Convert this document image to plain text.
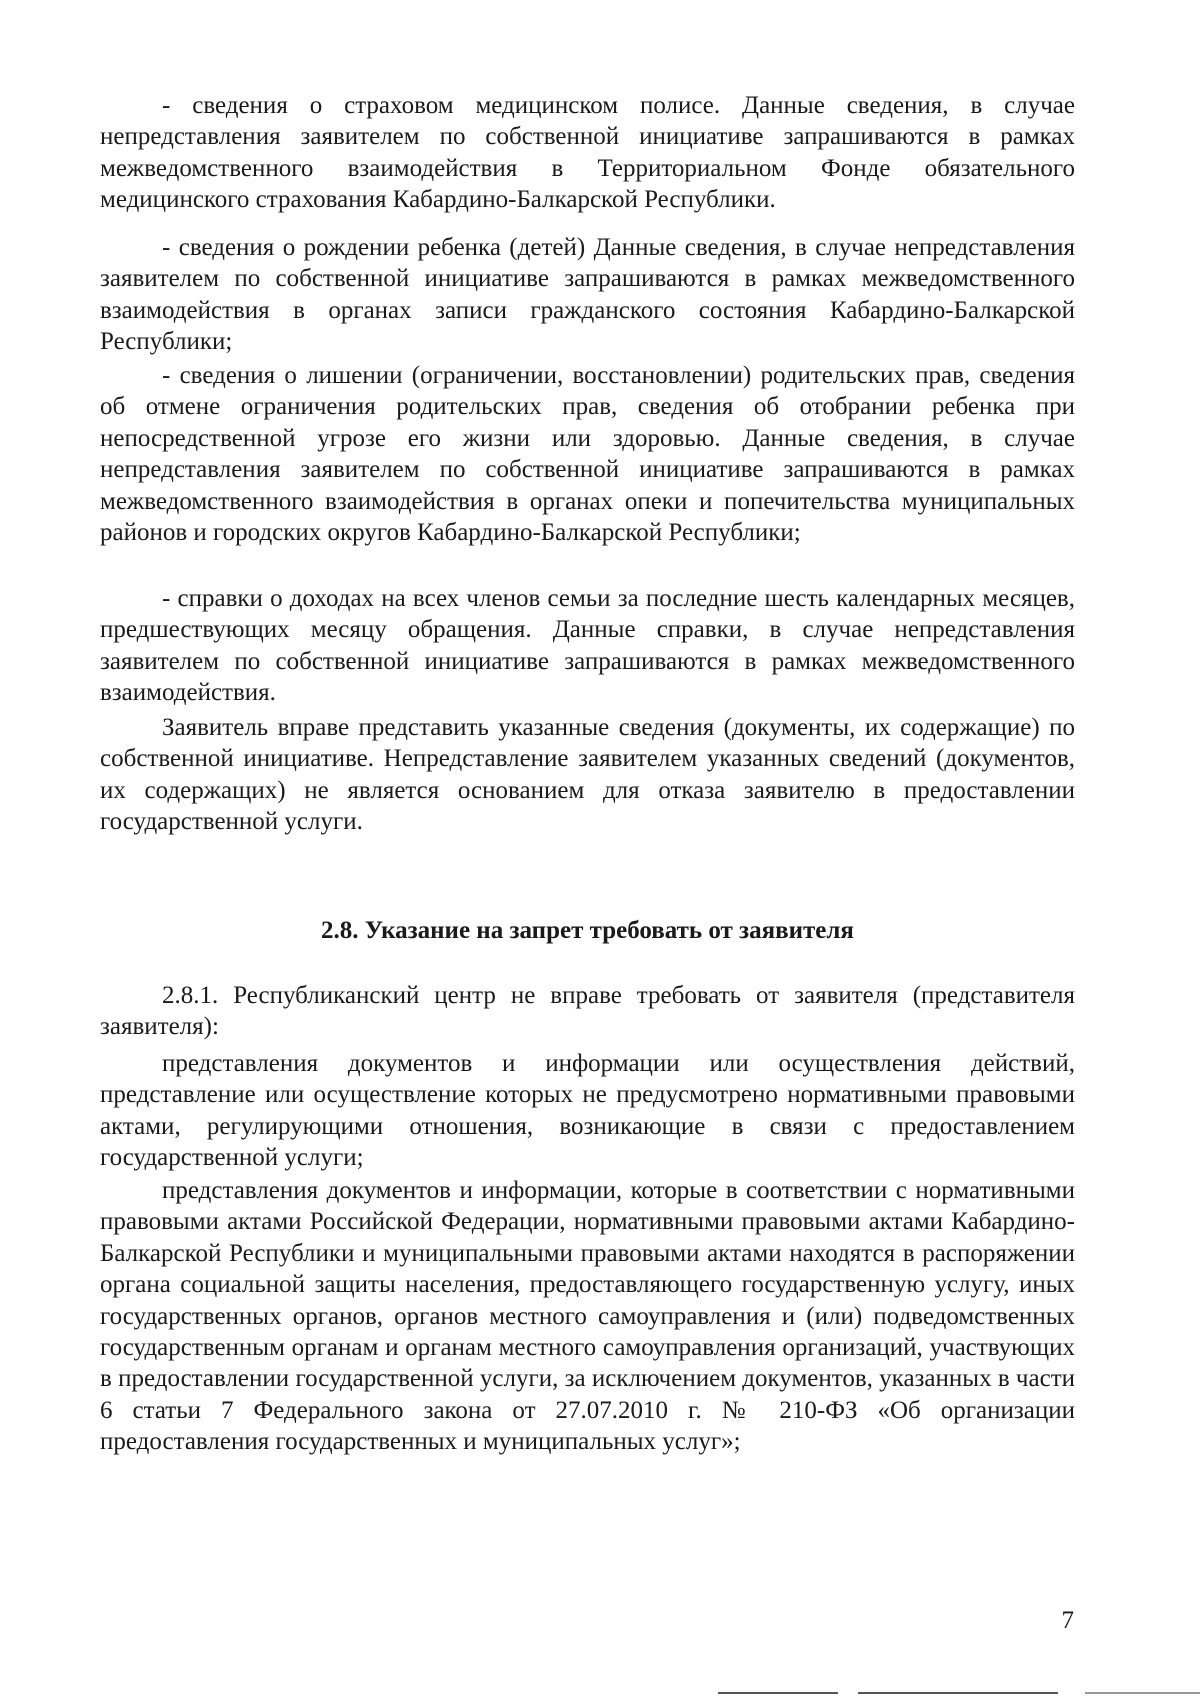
- сведения о страховом медицинском полисе. Данные сведения, в случае непредставления заявителем по собственной инициативе запрашиваются в рамках межведомственного взаимодействия в Территориальном Фонде обязательного медицинского страхования Кабардино-Балкарской Республики.

- сведения о рождении ребенка (детей) Данные сведения, в случае непредставления заявителем по собственной инициативе запрашиваются в рамках межведомственного взаимодействия в органах записи гражданского состояния Кабардино-Балкарской Республики;

- сведения о лишении (ограничении, восстановлении) родительских прав, сведения об отмене ограничения родительских прав, сведения об отобрании ребенка при непосредственной угрозе его жизни или здоровью. Данные сведения, в случае непредставления заявителем по собственной инициативе запрашиваются в рамках межведомственного взаимодействия в органах опеки и попечительства муниципальных районов и городских округов Кабардино-Балкарской Республики;

- справки о доходах на всех членов семьи за последние шесть календарных месяцев, предшествующих месяцу обращения. Данные справки, в случае непредставления заявителем по собственной инициативе запрашиваются в рамках межведомственного взаимодействия.

Заявитель вправе представить указанные сведения (документы, их содержащие) по собственной инициативе. Непредставление заявителем указанных сведений (документов, их содержащих) не является основанием для отказа заявителю в предоставлении государственной услуги.

2.8. Указание на запрет требовать от заявителя

2.8.1. Республиканский центр не вправе требовать от заявителя (представителя заявителя):

представления документов и информации или осуществления действий, представление или осуществление которых не предусмотрено нормативными правовыми актами, регулирующими отношения, возникающие в связи с предоставлением государственной услуги;

представления документов и информации, которые в соответствии с нормативными правовыми актами Российской Федерации, нормативными правовыми актами Кабардино-Балкарской Республики и муниципальными правовыми актами находятся в распоряжении органа социальной защиты населения, предоставляющего государственную услугу, иных государственных органов, органов местного самоуправления и (или) подведомственных государственным органам и органам местного самоуправления организаций, участвующих в предоставлении государственной услуги, за исключением документов, указанных в части 6 статьи 7 Федерального закона от 27.07.2010 г. № 210-ФЗ «Об организации предоставления государственных и муниципальных услуг»;

7
